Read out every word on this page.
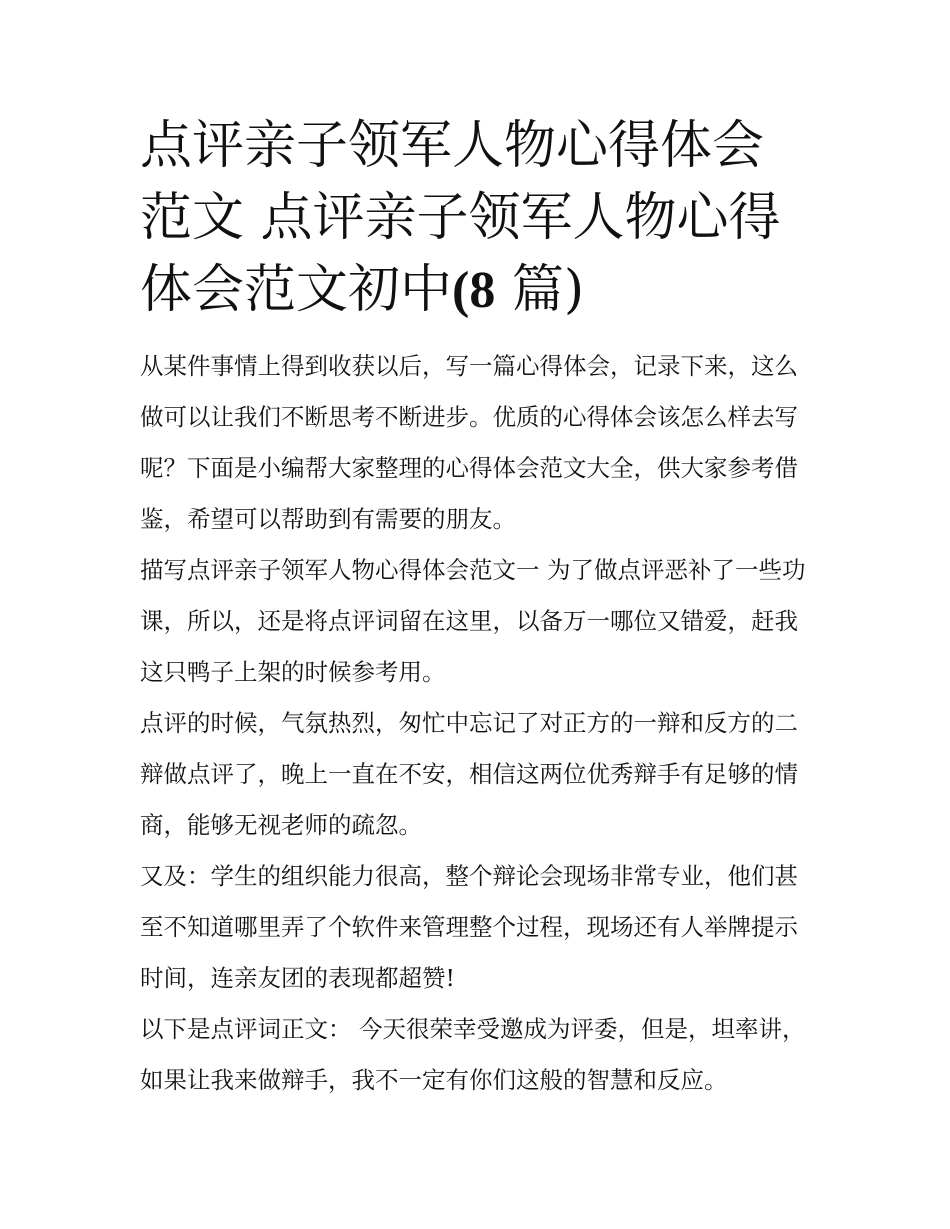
点评亲子领军人物心得体会范文 点评亲子领军人物心得体会范文初中(8 篇)

从某件事情上得到收获以后，写一篇心得体会，记录下来，这么做可以让我们不断思考不断进步。优质的心得体会该怎么样去写呢？下面是小编帮大家整理的心得体会范文大全，供大家参考借鉴，希望可以帮助到有需要的朋友。

描写点评亲子领军人物心得体会范文一 为了做点评恶补了一些功课，所以，还是将点评词留在这里，以备万一哪位又错爱，赶我这只鸭子上架的时候参考用。

点评的时候，气氛热烈，匆忙中忘记了对正方的一辩和反方的二辩做点评了，晚上一直在不安，相信这两位优秀辩手有足够的情商，能够无视老师的疏忽。

又及：学生的组织能力很高，整个辩论会现场非常专业，他们甚至不知道哪里弄了个软件来管理整个过程，现场还有人举牌提示时间，连亲友团的表现都超赞!

以下是点评词正文： 今天很荣幸受邀成为评委，但是，坦率讲，如果让我来做辩手，我不一定有你们这般的智慧和反应。
